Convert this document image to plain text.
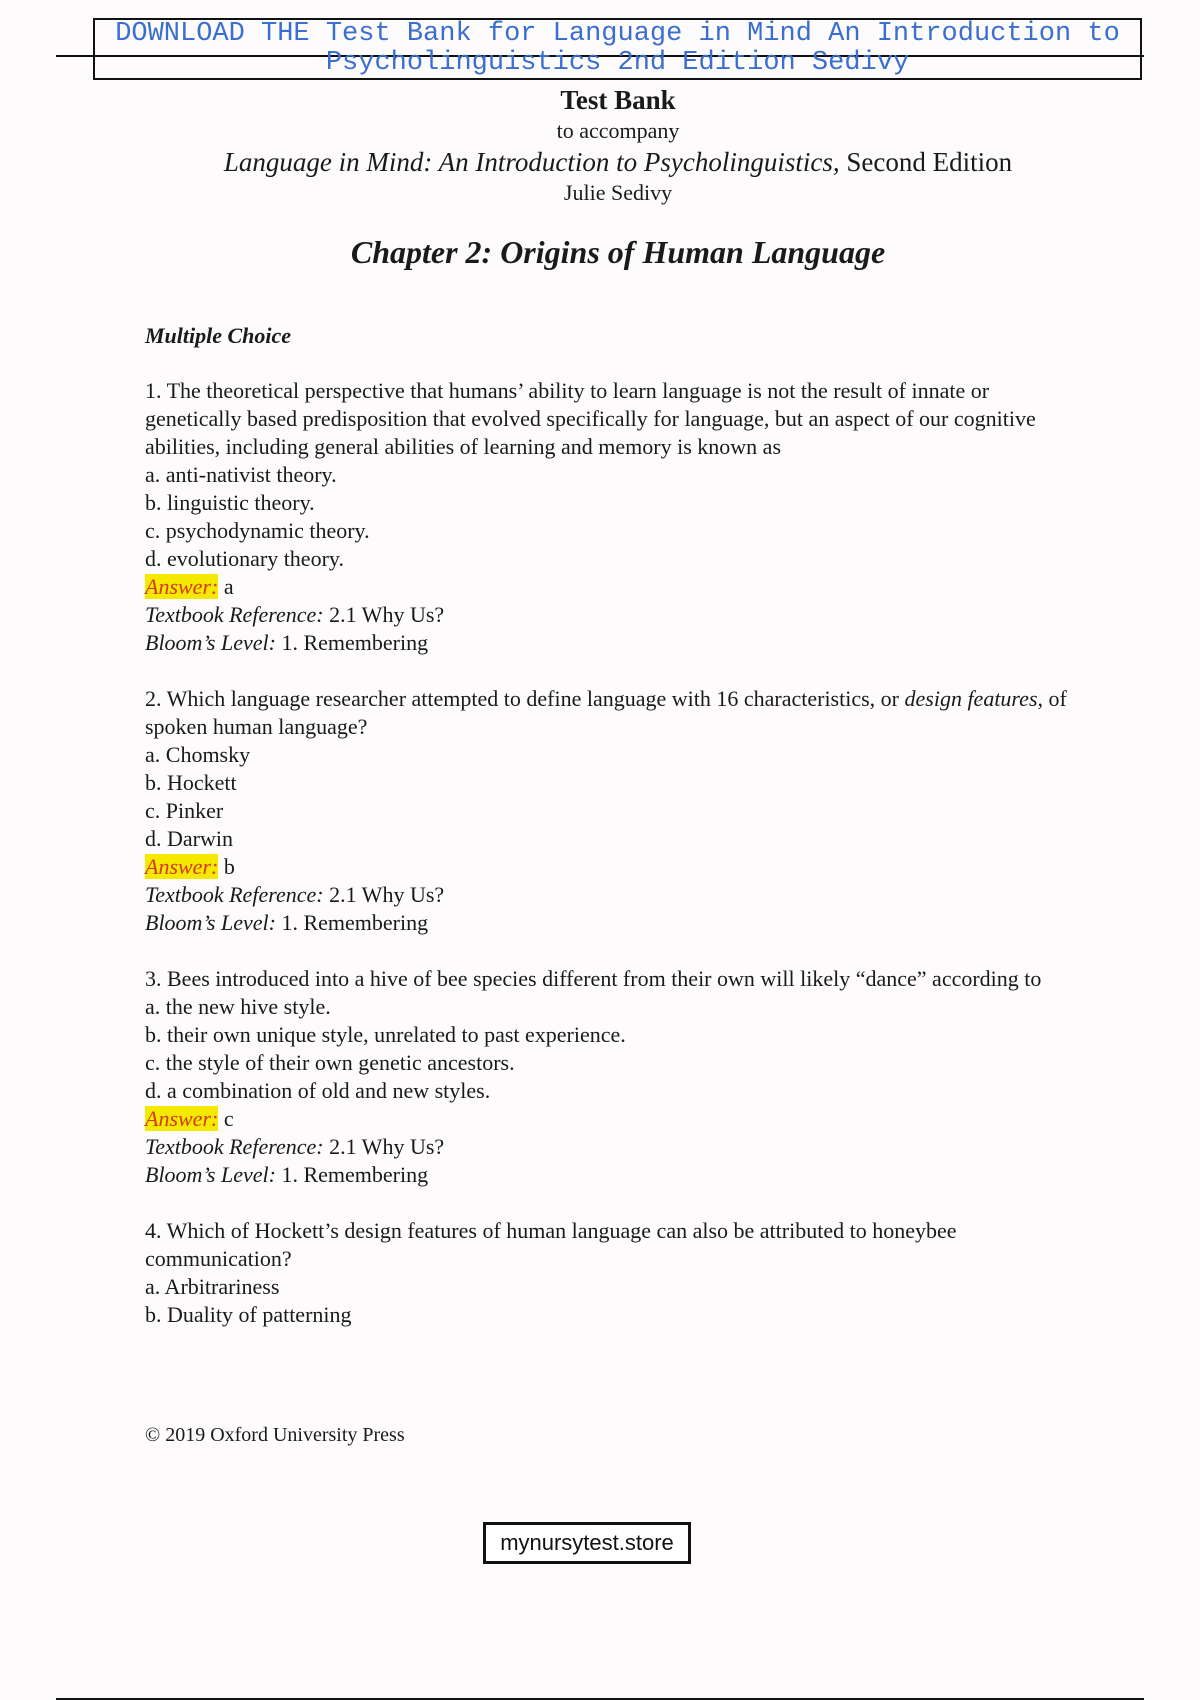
DOWNLOAD THE Test Bank for Language in Mind An Introduction to
Psycholinguistics 2nd Edition Sedivy
Test Bank
to accompany
Language in Mind: An Introduction to Psycholinguistics, Second Edition
Julie Sedivy
Chapter 2: Origins of Human Language

Multiple Choice

1. The theoretical perspective that humans’ ability to learn language is not the result of innate or genetically based predisposition that evolved specifically for language, but an aspect of our cognitive abilities, including general abilities of learning and memory is known as

a. anti-nativist theory.

b. linguistic theory.

c. psychodynamic theory.

d. evolutionary theory.

Answer: a

Textbook Reference: 2.1 Why Us?

Bloom’s Level: 1. Remembering

2. Which language researcher attempted to define language with 16 characteristics, or design features, of spoken human language?

a. Chomsky

b. Hockett

c. Pinker

d. Darwin

Answer: b

Textbook Reference: 2.1 Why Us?

Bloom’s Level: 1. Remembering

3. Bees introduced into a hive of bee species different from their own will likely “dance” according to

a. the new hive style.

b. their own unique style, unrelated to past experience.

c. the style of their own genetic ancestors.

d. a combination of old and new styles.

Answer: c

Textbook Reference: 2.1 Why Us?

Bloom’s Level: 1. Remembering

4. Which of Hockett’s design features of human language can also be attributed to honeybee communication?

a. Arbitrariness

b. Duality of patterning

© 2019 Oxford University Press
mynursytest.store
